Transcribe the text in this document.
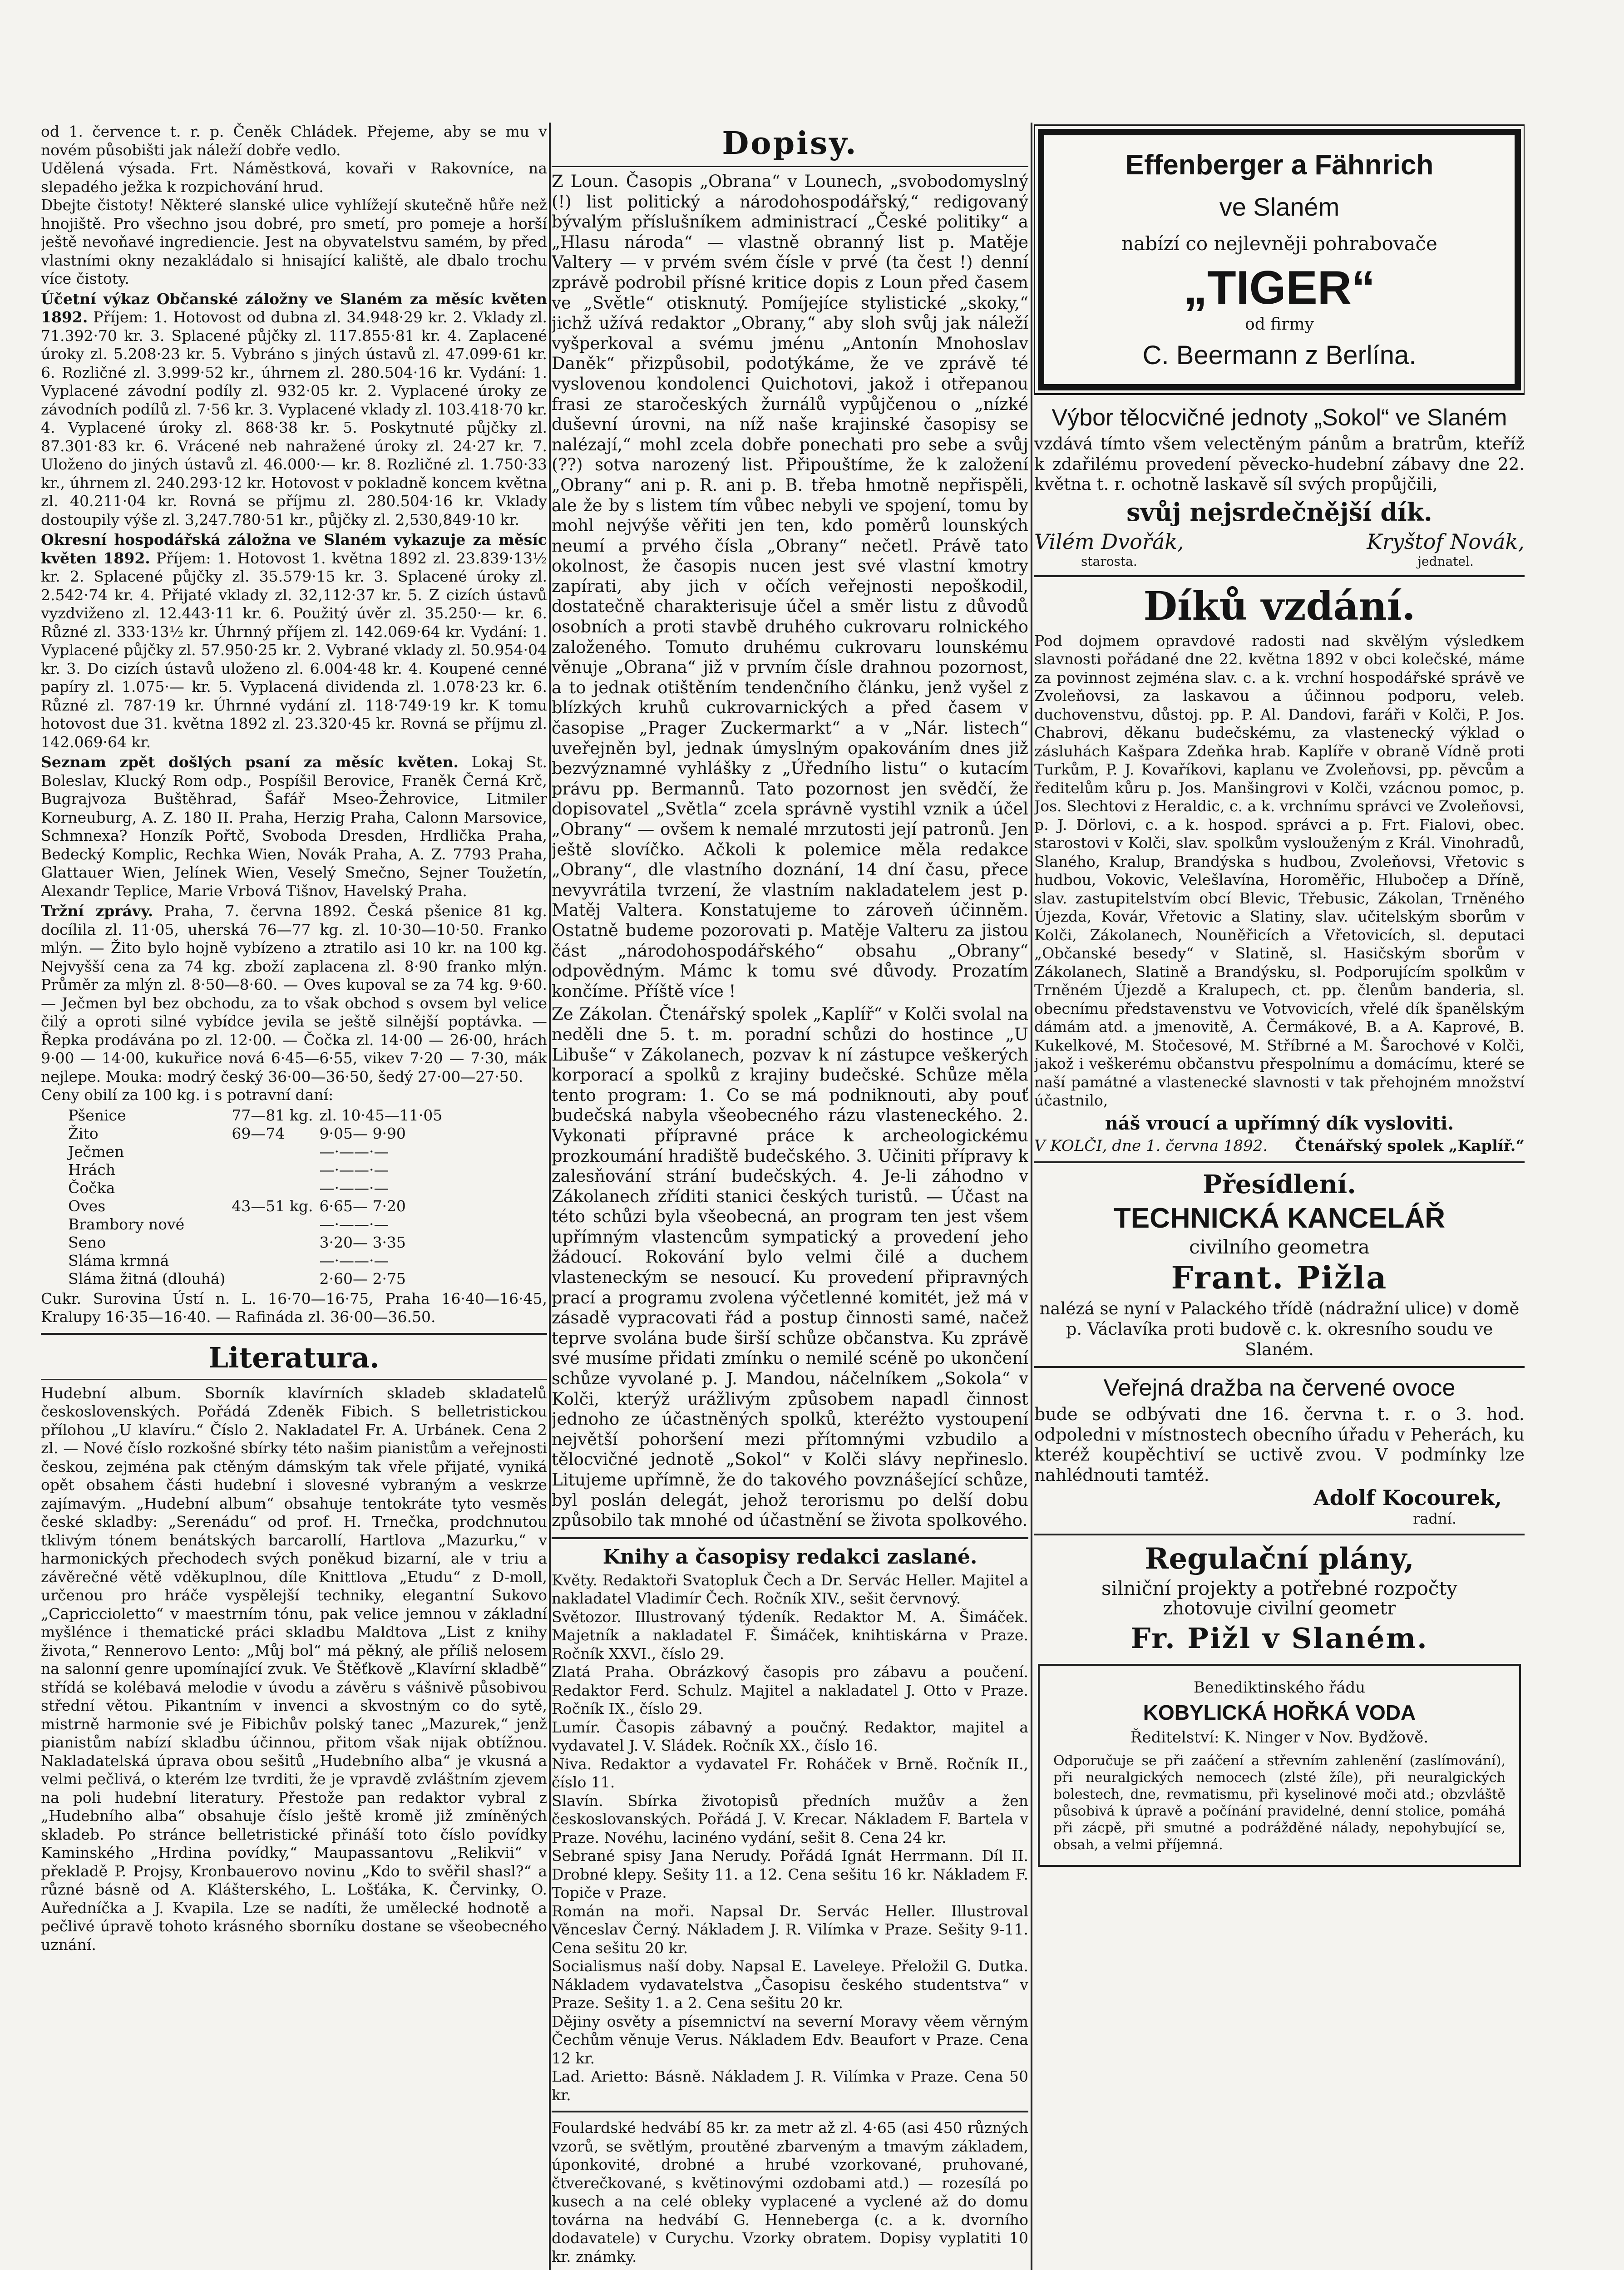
od 1. července t. r. p. Čeněk Chládek. Přejeme, aby se mu v novém působišti jak náleží dobře vedlo.
Udělená výsada. Frt. Náměstková, kovaři v Rakovníce, na slepadého ježka k rozpichování hrud.
Dbejte čistoty! Některé slanské ulice vyhlížejí skutečně hůře než hnojiště. Pro všechno jsou dobré, pro smetí, pro pomeje a horší ještě nevoňavé ingrediencie. Jest na obyvatelstvu samém, by před vlastními okny nezakládalo si hnisající kaliště, ale dbalo trochu více čistoty.

Účetní výkaz Občanské záložny ve Slaném za měsíc květen 1892. Příjem: 1. Hotovost od dubna zl. 34.948·29 kr. 2. Vklady zl. 71.392·70 kr. 3. Splacené půjčky zl. 117.855·81 kr. 4. Zaplacené úroky zl. 5.208·23 kr. 5. Vybráno s jiných ústavů zl. 47.099·61 kr. 6. Rozličné zl. 3.999·52 kr., úhrnem zl. 280.504·16 kr. Vydání: 1. Vyplacené závodní podíly zl. 932·05 kr. 2. Vyplacené úroky ze závodních podílů zl. 7·56 kr. 3. Vyplacené vklady zl. 103.418·70 kr. 4. Vyplacené úroky zl. 868·38 kr. 5. Poskytnuté půjčky zl. 87.301·83 kr. 6. Vrácené neb nahražené úroky zl. 24·27 kr. 7. Uloženo do jiných ústavů zl. 46.000·— kr. 8. Rozličné zl. 1.750·33 kr., úhrnem zl. 240.293·12 kr. Hotovost v pokladně koncem května zl. 40.211·04 kr. Rovná se příjmu zl. 280.504·16 kr. Vklady dostoupily výše zl. 3,247.780·51 kr., půjčky zl. 2,530,849·10 kr.

Okresní hospodářská záložna ve Slaném vykazuje za měsíc květen 1892. Příjem: 1. Hotovost 1. května 1892 zl. 23.839·13½ kr. 2. Splacené půjčky zl. 35.579·15 kr. 3. Splacené úroky zl. 2.542·74 kr. 4. Přijaté vklady zl. 32,112·37 kr. 5. Z cizích ústavů vyzdviženo zl. 12.443·11 kr. 6. Použitý úvěr zl. 35.250·— kr. 6. Různé zl. 333·13½ kr. Úhrnný příjem zl. 142.069·64 kr. Vydání: 1. Vyplacené půjčky zl. 57.950·25 kr. 2. Vybrané vklady zl. 50.954·04 kr. 3. Do cizích ústavů uloženo zl. 6.004·48 kr. 4. Koupené cenné papíry zl. 1.075·— kr. 5. Vyplacená dividenda zl. 1.078·23 kr. 6. Různé zl. 787·19 kr. Úhrnné vydání zl. 118·749·19 kr. K tomu hotovost due 31. května 1892 zl. 23.320·45 kr. Rovná se příjmu zl. 142.069·64 kr.

Seznam zpět došlých psaní za měsíc květen. Lokaj St. Boleslav, Klucký Rom odp., Pospíšil Berovice, Franěk Černá Krč, Bugrajvoza Buštěhrad, Šafář Mseo-Žehrovice, Litmiler Korneuburg, A. Z. 180 II. Praha, Herzig Praha, Calonn Marsovice, Schmnexa? Honzík Pořtč, Svoboda Dresden, Hrdlička Praha, Bedecký Komplic, Rechka Wien, Novák Praha, A. Z. 7793 Praha, Glattauer Wien, Jelínek Wien, Veselý Smečno, Sejner Toužetín, Alexandr Teplice, Marie Vrbová Tišnov, Havelský Praha.

Tržní zprávy. Praha, 7. června 1892. Česká pšenice 81 kg. docílila zl. 11·05, uherská 76—77 kg. zl. 10·30—10·50. Franko mlýn. — Žito bylo hojně vybízeno a ztratilo asi 10 kr. na 100 kg. Nejvyšší cena za 74 kg. zboží zaplacena zl. 8·90 franko mlýn. Průměr za mlýn zl. 8·50—8·60. — Oves kupoval se za 74 kg. 9·60. — Ječmen byl bez obchodu, za to však obchod s ovsem byl velice čilý a oproti silné vybídce jevila se ještě silnější poptávka. — Řepka prodávána po zl. 12·00. — Čočka zl. 14·00 — 26·00, hrách 9·00 — 14·00, kukuřice nová 6·45—6·55, vikev 7·20 — 7·30, mák nejlepe. Mouka: modrý český 36·00—36·50, šedý 27·00—27·50.

Ceny obilí za 100 kg. i s potravní daní:

Pšenice	77—81 kg.	zl. 10·45—11·05
Žito	69—74	9·05— 9·90
Ječmen		—·——·—
Hrách		—·——·—
Čočka		—·——·—
Oves	43—51 kg.	6·65— 7·20
Brambory nové		—·——·—
Seno		3·20— 3·35
Sláma krmná		—·——·—
Sláma žitná (dlouhá)		2·60— 2·75

Cukr. Surovina Ústí n. L. 16·70—16·75, Praha 16·40—16·45, Kralupy 16·35—16·40. — Rafináda zl. 36·00—36.50.

Literatura.

Hudební album. Sborník klavírních skladeb skladatelů československých. Pořádá Zdeněk Fibich. S belletristickou přílohou „U klavíru.“ Číslo 2. Nakladatel Fr. A. Urbánek. Cena 2 zl. — Nové číslo rozkošné sbírky této našim pianistům a veřejnosti českou, zejména pak ctěným dámským tak vřele přijaté, vyniká opět obsahem části hudební i slovesné vybraným a veskrze zajímavým. „Hudební album“ obsahuje tentokráte tyto vesměs české skladby: „Serenádu“ od prof. H. Trnečka, prodchnutou tklivým tónem benátských barcarollí, Hartlova „Mazurku,“ v harmonických přechodech svých poněkud bizarní, ale v triu a závěrečné větě vděkuplnou, díle Knittlova „Etudu“ z D-moll, určenou pro hráče vyspělejší techniky, elegantní Sukovo „Capriccioletto“ v maestrním tónu, pak velice jemnou v základní myšlénce i thematické práci skladbu Maldtova „List z knihy života,“ Rennerovo Lento: „Můj bol“ má pěkný, ale příliš nelosem na salonní genre upomínající zvuk. Ve Štěťkově „Klavírní skladbě“ střídá se kolébavá melodie v úvodu a závěru s vášnivě působivou střední větou. Pikantním v invenci a skvostným co do sytě, mistrně harmonie své je Fibichův polský tanec „Mazurek,“ jenž pianistům nabízí skladbu účinnou, přitom však nijak obtížnou. Nakladatelská úprava obou sešitů „Hudebního alba“ je vkusná a velmi pečlivá, o kterém lze tvrditi, že je vpravdě zvláštním zjevem na poli hudební literatury. Přestože pan redaktor vybral z „Hudebního alba“ obsahuje číslo ještě kromě již zmíněných skladeb. Po stránce belletristické přináší toto číslo povídky Kaminského „Hrdina povídky,“ Maupassantovu „Relikvii“ v překladě P. Projsy, Kronbauerovo novinu „Kdo to svěřil shasl?“ a různé básně od A. Klášterského, L. Lošťáka, K. Červinky, O. Auředníčka a J. Kvapila. Lze se nadíti, že umělecké hodnotě a pečlivé úpravě tohoto krásného sborníku dostane se všeobecného uznání.

Dopisy.

Z Loun. Časopis „Obrana“ v Lounech, „svobodomyslný (!) list politický a národohospodářský,“ redigovaný bývalým příslušníkem administrací „České politiky“ a „Hlasu národa“ — vlastně obranný list p. Matěje Valtery — v prvém svém čísle v prvé (ta čest !) denní zprávě podrobil přísné kritice dopis z Loun před časem ve „Světle“ otisknutý. Pomíjejíce stylistické „skoky,“ jichž užívá redaktor „Obrany,“ aby sloh svůj jak náleží vyšperkoval a svému jménu „Antonín Mnohoslav Daněk“ přizpůsobil, podotýkáme, že ve zprávě té vyslovenou kondolenci Quichotovi, jakož i otřepanou frasi ze staročeských žurnálů vypůjčenou o „nízké duševní úrovni, na níž naše krajinské časopisy se nalézají,“ mohl zcela dobře ponechati pro sebe a svůj (??) sotva narozený list. Připouštíme, že k založení „Obrany“ ani p. R. ani p. B. třeba hmotně nepřispěli, ale že by s listem tím vůbec nebyli ve spojení, tomu by mohl nejvýše věřiti jen ten, kdo poměrů lounských neumí a prvého čísla „Obrany“ nečetl. Právě tato okolnost, že časopis nucen jest své vlastní kmotry zapírati, aby jich v očích veřejnosti nepoškodil, dostatečně charakterisuje účel a směr listu z důvodů osobních a proti stavbě druhého cukrovaru rolnického založeného. Tomuto druhému cukrovaru lounskému věnuje „Obrana“ již v prvním čísle drahnou pozornost, a to jednak otištěním tendenčního článku, jenž vyšel z blízkých kruhů cukrovarnických a před časem v časopise „Prager Zuckermarkt“ a v „Nár. listech“ uveřejněn byl, jednak úmyslným opakováním dnes již bezvýznamné vyhlášky z „Úředního listu“ o kutacím právu pp. Bermannů. Tato pozornost jen svědčí, že dopisovatel „Světla“ zcela správně vystihl vznik a účel „Obrany“ — ovšem k nemalé mrzutosti její patronů. Jen ještě slovíčko. Ačkoli k polemice měla redakce „Obrany“, dle vlastního doznání, 14 dní času, přece nevyvrátila tvrzení, že vlastním nakladatelem jest p. Matěj Valtera. Konstatujeme to zároveň účinněm. Ostatně budeme pozorovati p. Matěje Valteru za jistou část „národohospodářského“ obsahu „Obrany“ odpovědným. Mámc k tomu své důvody. Prozatím končíme. Příště více !

Ze Zákolan. Čtenářský spolek „Kaplíř“ v Kolči svolal na neděli dne 5. t. m. poradní schůzi do hostince „U Libuše“ v Zákolanech, pozvav k ní zástupce veškerých korporací a spolků z krajiny budečské. Schůze měla tento program: 1. Co se má podniknouti, aby pouť budečská nabyla všeobecného rázu vlasteneckého. 2. Vykonati přípravné práce k archeologickému prozkoumání hradiště budečského. 3. Učiniti přípravy k zalesňování strání budečských. 4. Je-li záhodno v Zákolanech zříditi stanici českých turistů. — Účast na této schůzi byla všeobecná, an program ten jest všem upřímným vlastencům sympatický a provedení jeho žádoucí. Rokování bylo velmi čilé a duchem vlasteneckým se nesoucí. Ku provedení připravných prací a programu zvolena výčetlenné komitét, jež má v zásadě vypracovati řád a postup činnosti samé, načež teprve svolána bude širší schůze občanstva. Ku zprávě své musíme přidati zmínku o nemilé scéně po ukončení schůze vyvolané p. J. Mandou, náčelníkem „Sokola“ v Kolči, kterýž urážlivým způsobem napadl činnost jednoho ze účastněných spolků, kteréžto vystoupení největší pohoršení mezi přítomnými vzbudilo a tělocvičné jednotě „Sokol“ v Kolči slávy nepřineslo. Litujeme upřímně, že do takového povznášející schůze, byl poslán delegát, jehož terorismu po delší dobu způsobilo tak mnohé od účastnění se života spolkového.

Knihy a časopisy redakci zaslané.

Květy. Redaktoři Svatopluk Čech a Dr. Servác Heller. Majitel a nakladatel Vladimír Čech. Ročník XIV., sešit červnový.
Světozor. Illustrovaný týdeník. Redaktor M. A. Šimáček. Majetník a nakladatel F. Šimáček, knihtiskárna v Praze. Ročník XXVI., číslo 29.
Zlatá Praha. Obrázkový časopis pro zábavu a poučení. Redaktor Ferd. Schulz. Majitel a nakladatel J. Otto v Praze. Ročník IX., číslo 29.
Lumír. Časopis zábavný a poučný. Redaktor, majitel a vydavatel J. V. Sládek. Ročník XX., číslo 16.
Niva. Redaktor a vydavatel Fr. Roháček v Brně. Ročník II., číslo 11.
Slavín. Sbírka životopisů předních mužův a žen českoslovanských. Pořádá J. V. Krecar. Nákladem F. Bartela v Praze. Novéhu, lacinéno vydání, sešit 8. Cena 24 kr.
Sebrané spisy Jana Nerudy. Pořádá Ignát Herrmann. Díl II. Drobné klepy. Sešity 11. a 12. Cena sešitu 16 kr. Nákladem F. Topiče v Praze.
Román na moři. Napsal Dr. Servác Heller. Illustroval Věnceslav Černý. Nákladem J. R. Vilímka v Praze. Sešity 9-11. Cena sešitu 20 kr.
Socialismus naší doby. Napsal E. Laveleye. Přeložil G. Dutka. Nákladem vydavatelstva „Časopisu českého studentstva“ v Praze. Sešity 1. a 2. Cena sešitu 20 kr.
Dějiny osvěty a písemnictví na severní Moravy věem věrným Čechům věnuje Verus. Nákladem Edv. Beaufort v Praze. Cena 12 kr.
Lad. Arietto: Básně. Nákladem J. R. Vilímka v Praze. Cena 50 kr.

Foulardské hedvábí 85 kr. za metr až zl. 4·65 (asi 450 různých vzorů, se světlým, proutěné zbarveným a tmavým základem, úponkovité, drobné a hrubé vzorkované, pruhované, čtverečkované, s květinovými ozdobami atd.) — rozesílá po kusech a na celé obleky vyplacené a vyclené až do domu továrna na hedvábí G. Henneberga (c. a k. dvorního dodavatele) v Curychu. Vzorky obratem. Dopisy vyplatiti 10 kr. známky.

Effenberger a Fähnrich
ve Slaném
nabízí co nejlevněji pohrabovače
„TIGER“
od firmy
C. Beermann z Berlína.
Výbor tělocvičné jednoty „Sokol“ ve Slaném

vzdává tímto všem velectěným pánům a bratrům, kteříž k zdařilému provedení pěvecko-hudební zábavy dne 22. května t. r. ochotně laskavě síl svých propůjčili,

svůj nejsrdečnější dík.
Vilém Dvořák,
starosta.
Kryštof Novák,
jednatel.
Díků vzdání.

Pod dojmem opravdové radosti nad skvělým výsledkem slavnosti pořádané dne 22. května 1892 v obci kolečské, máme za povinnost zejména slav. c. a k. vrchní hospodářské správě ve Zvoleňovsi, za laskavou a účinnou podporu, veleb. duchovenstvu, důstoj. pp. P. Al. Dandovi, faráři v Kolči, P. Jos. Chabrovi, děkanu budečskému, za vlastenecký výklad o zásluhách Kašpara Zdeňka hrab. Kaplíře v obraně Vídně proti Turkům, P. J. Kovaříkovi, kaplanu ve Zvoleňovsi, pp. pěvcům a ředitelům kůru p. Jos. Manšingrovi v Kolči, vzácnou pomoc, p. Jos. Slechtovi z Heraldic, c. a k. vrchnímu správci ve Zvoleňovsi, p. J. Dörlovi, c. a k. hospod. správci a p. Frt. Fialovi, obec. starostovi v Kolči, slav. spolkům vyslouženým z Král. Vinohradů, Slaného, Kralup, Brandýska s hudbou, Zvoleňovsi, Vřetovic s hudbou, Vokovic, Velešlavína, Horoměřic, Hlubočep a Dříně, slav. zastupitelstvím obcí Blevic, Třebusic, Zákolan, Trněného Újezda, Kovár, Vřetovic a Slatiny, slav. učitelským sborům v Kolči, Zákolanech, Nouněřicích a Vřetovicích, sl. deputaci „Občanské besedy“ v Slatině, sl. Hasičským sborům v Zákolanech, Slatině a Brandýsku, sl. Podporujícím spolkům v Trněném Újezdě a Kralupech, ct. pp. členům banderia, sl. obecnímu představenstvu ve Votvovicích, vřelé dík španělským dámám atd. a jmenovitě, A. Čermákové, B. a A. Kaprové, B. Kukelkové, M. Stočesové, M. Stříbrné a M. Šarochové v Kolči, jakož i veškerému občanstvu přespolnímu a domácímu, které se naší památné a vlastenecké slavnosti v tak přehojném množství účastnilo,

náš vroucí a upřímný dík vysloviti.
V KOLČI, dne 1. června 1892. Čtenářský spolek „Kaplíř.“
Přesídlení.
TECHNICKÁ KANCELÁŘ
civilního geometra
Frant. Pižla

nalézá se nyní v Palackého třídě (nádražní ulice) v domě p. Václavíka proti budově c. k. okresního soudu ve Slaném.

Veřejná dražba na červené ovoce

bude se odbývati dne 16. června t. r. o 3. hod. odpoledni v místnostech obecního úřadu v Peherách, ku kteréž koupěchtiví se uctivě zvou. V podmínky lze nahlédnouti tamtéž.

Adolf Kocourek,
radní.
Regulační plány,
silniční projekty a potřebné rozpočty
zhotovuje civilní geometr
Fr. Pižl v Slaném.
Benediktinského řádu
KOBYLICKÁ HOŘKÁ VODA
Ředitelství: K. Ninger v Nov. Bydžově.

Odporučuje se při zaáčení a střevním zahlenění (zaslímování), při neuralgických nemocech (zlsté žíle), při neuralgických bolestech, dne, revmatismu, při kyselinové moči atd.; obzvláště působivá k úpravě a počínání pravidelné, denní stolice, pomáhá při zácpě, při smutné a podrážděné nálady, nepohybující se, obsah, a velmi příjemná.
